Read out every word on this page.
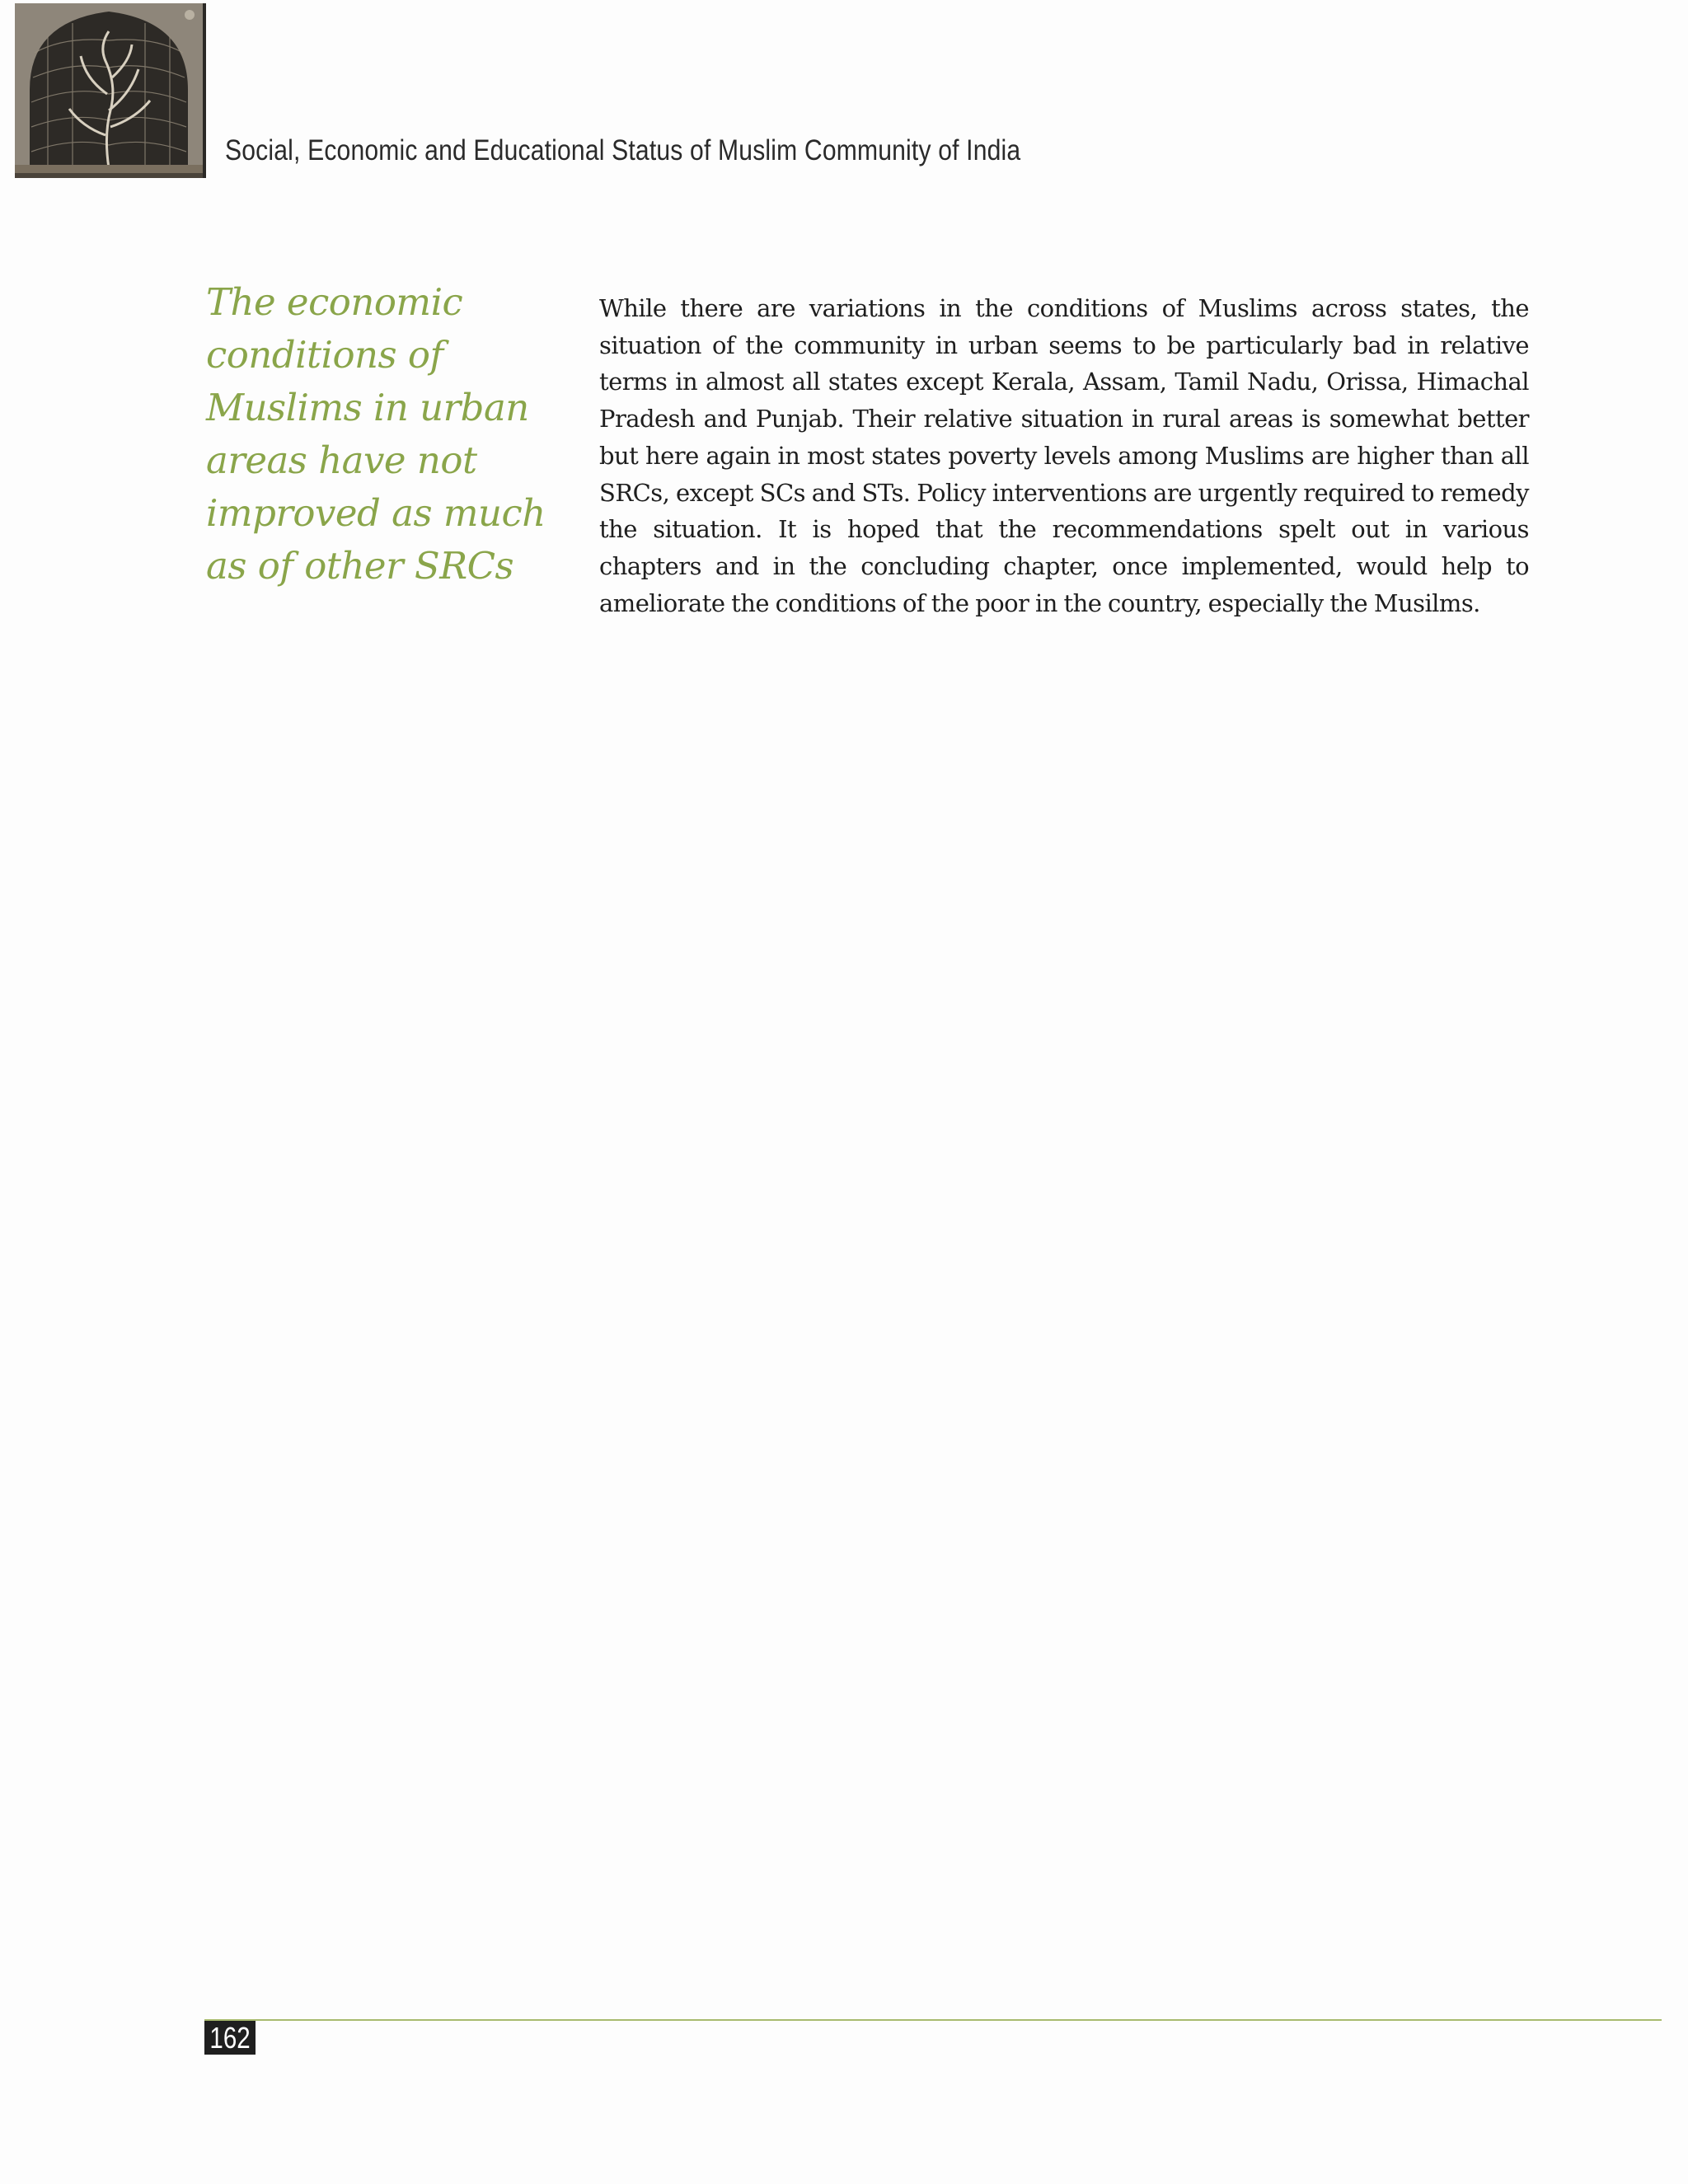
Social, Economic and Educational Status of Muslim Community of India
The economic
conditions of
Muslims in urban
areas have not
improved as much
as of other SRCs
While there are variations in the conditions of Muslims across states, the situation of the community in urban seems to be particularly bad in relative terms in almost all states except Kerala, Assam, Tamil Nadu, Orissa, Himachal Pradesh and Punjab. Their relative situation in rural areas is somewhat better but here again in most states poverty levels among Muslims are higher than all SRCs, except SCs and STs. Policy interventions are urgently required to remedy the situation. It is hoped that the recommendations spelt out in various chapters and in the concluding chapter, once implemented, would help to ameliorate the conditions of the poor in the country, especially the Musilms.
162
